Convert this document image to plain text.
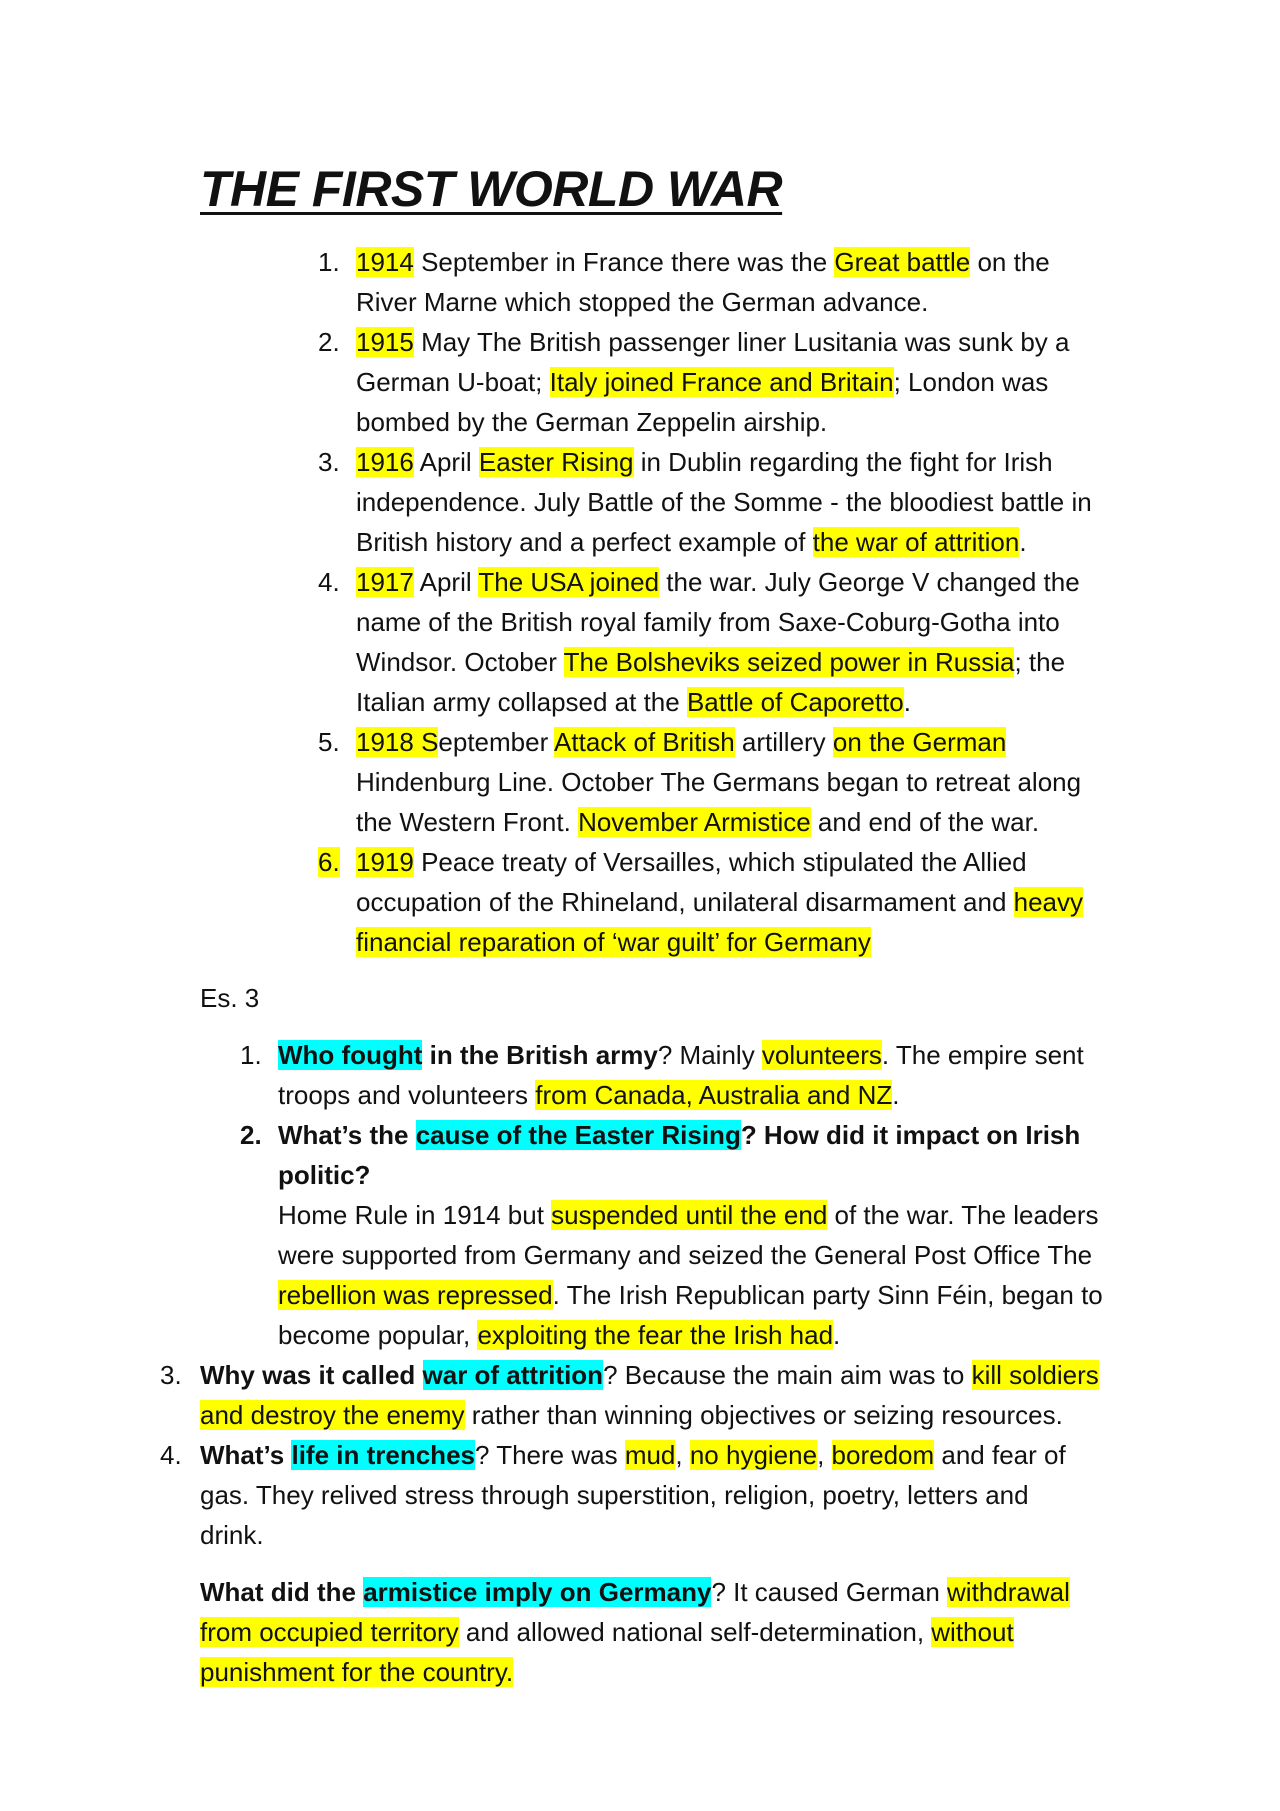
THE FIRST WORLD WAR
1. 1914 September in France there was the Great battle on the
River Marne which stopped the German advance.
2. 1915 May The British passenger liner Lusitania was sunk by a
German U-boat; Italy joined France and Britain; London was
bombed by the German Zeppelin airship.
3. 1916 April Easter Rising in Dublin regarding the fight for Irish
independence. July Battle of the Somme - the bloodiest battle in
British history and a perfect example of the war of attrition.
4. 1917 April The USA joined the war. July George V changed the
name of the British royal family from Saxe-Coburg-Gotha into
Windsor. October The Bolsheviks seized power in Russia; the
Italian army collapsed at the Battle of Caporetto.
5. 1918 September Attack of British artillery on the German
Hindenburg Line. October The Germans began to retreat along
the Western Front. November Armistice and end of the war.
6. 1919 Peace treaty of Versailles, which stipulated the Allied
occupation of the Rhineland, unilateral disarmament and heavy
financial reparation of ‘war guilt’ for Germany
Es. 3
1. Who fought in the British army? Mainly volunteers. The empire sent
troops and volunteers from Canada, Australia and NZ.
2. What’s the cause of the Easter Rising? How did it impact on Irish
politic?
Home Rule in 1914 but suspended until the end of the war. The leaders
were supported from Germany and seized the General Post Office The
rebellion was repressed. The Irish Republican party Sinn Féin, began to
become popular, exploiting the fear the Irish had.
3. Why was it called war of attrition? Because the main aim was to kill soldiers
and destroy the enemy rather than winning objectives or seizing resources.
4. What’s life in trenches? There was mud, no hygiene, boredom and fear of
gas. They relived stress through superstition, religion, poetry, letters and
drink.
What did the armistice imply on Germany? It caused German withdrawal
from occupied territory and allowed national self-determination, without
punishment for the country.
